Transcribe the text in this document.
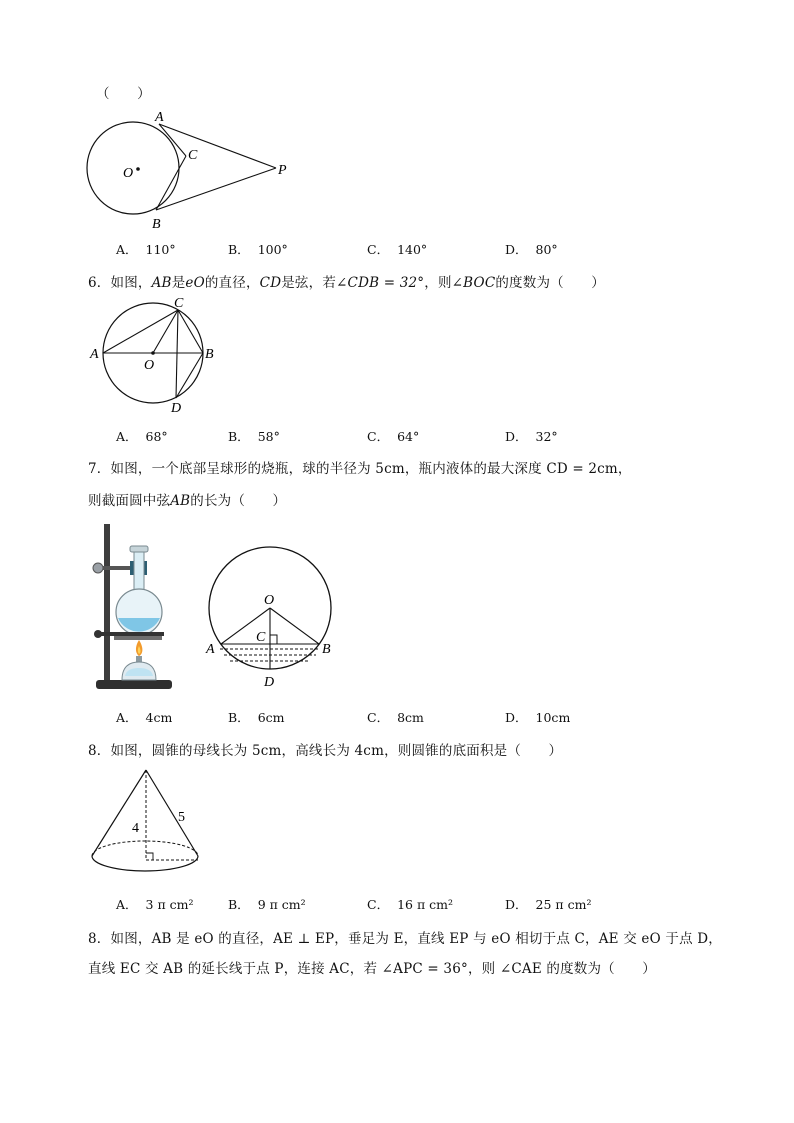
（　　）
A
C
O	P
B
A． 110°	B． 100°	C． 140°	D． 80°
6．如图，AB是eO的直径，CD是弦，若∠CDB = 32°，则∠BOC的度数为（　　）
A
C
B
O
D
A． 68°	B． 58°	C． 64°	D． 32°
7．如图，一个底部呈球形的烧瓶，球的半径为 5cm，瓶内液体的最大深度 CD = 2cm，
则截面圆中弦AB的长为（　　）
O
C
A	B
D
A． 4cm	B． 6cm	C． 8cm	D． 10cm
8．如图，圆锥的母线长为 5cm，高线长为 4cm，则圆锥的底面积是（　　）
4
5
A． 3 π cm²	B． 9 π cm²	C． 16 π cm²	D． 25 π cm²
8．如图，AB 是 eO 的直径，AE ⊥ EP，垂足为 E，直线 EP 与 eO 相切于点 C，AE 交 eO 于点 D，
直线 EC 交 AB 的延长线于点 P，连接 AC，若 ∠APC = 36°，则 ∠CAE 的度数为（　　）
